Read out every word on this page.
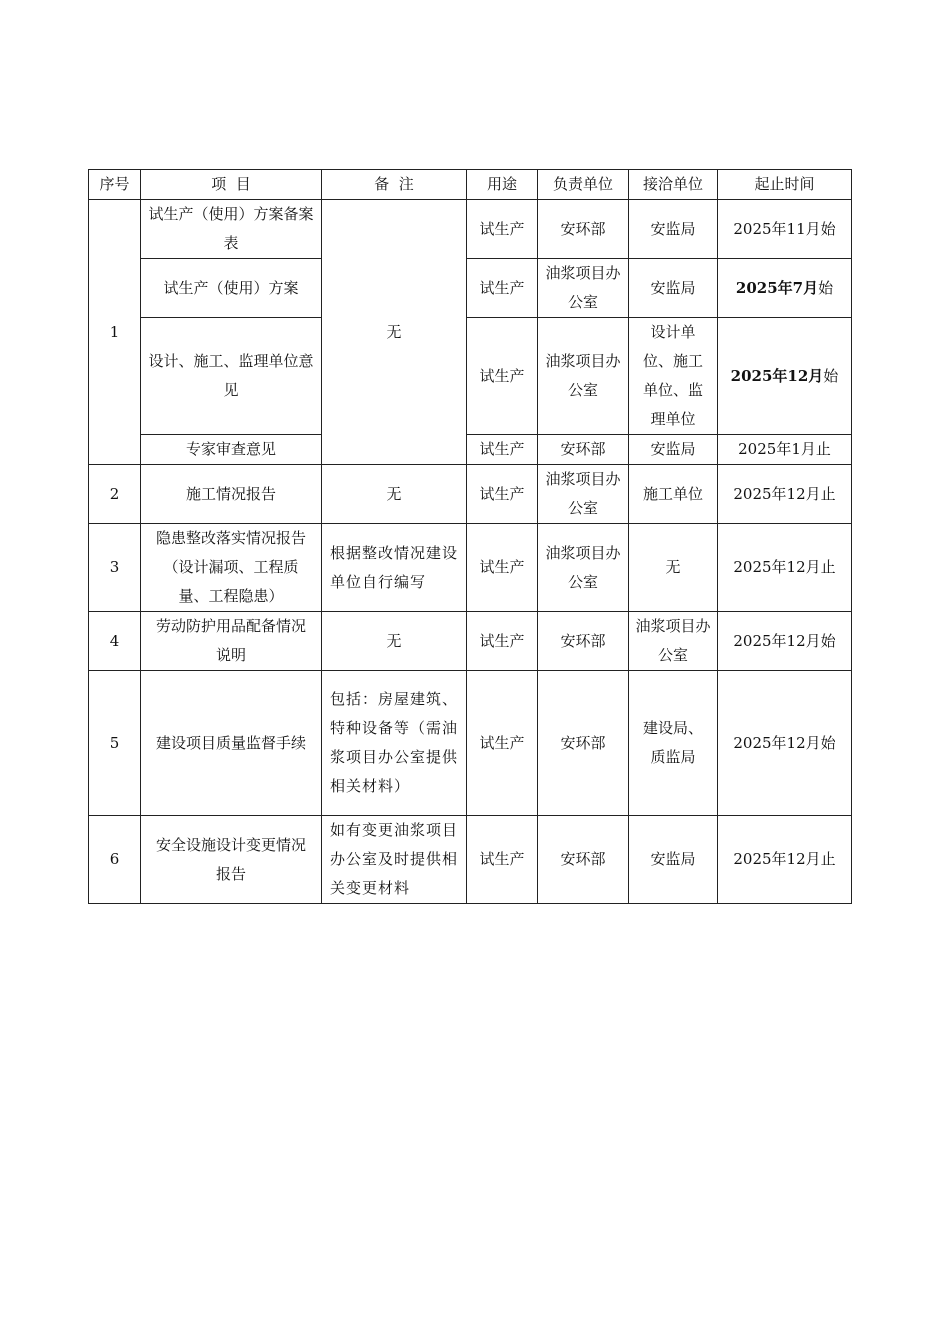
序号	项  目	备  注	用途	负责单位	接洽单位	起止时间
1	试生产（使用）方案备案表	无	试生产	安环部	安监局	2025年11月始
	试生产（使用）方案		试生产	油浆项目办公室	安监局	2025年7月始
	设计、施工、监理单位意见		试生产	油浆项目办公室	设计单位、施工单位、监理单位	2025年12月始
	专家审查意见		试生产	安环部	安监局	2025年1月止
2	施工情况报告	无	试生产	油浆项目办公室	施工单位	2025年12月止
3	隐患整改落实情况报告（设计漏项、工程质量、工程隐患）	根据整改情况建设单位自行编写	试生产	油浆项目办公室	无	2025年12月止
4	劳动防护用品配备情况说明	无	试生产	安环部	油浆项目办公室	2025年12月始
5	建设项目质量监督手续	包括：房屋建筑、特种设备等（需油浆项目办公室提供相关材料）	试生产	安环部	建设局、质监局	2025年12月始
6	安全设施设计变更情况报告	如有变更油浆项目办公室及时提供相关变更材料	试生产	安环部	安监局	2025年12月止
